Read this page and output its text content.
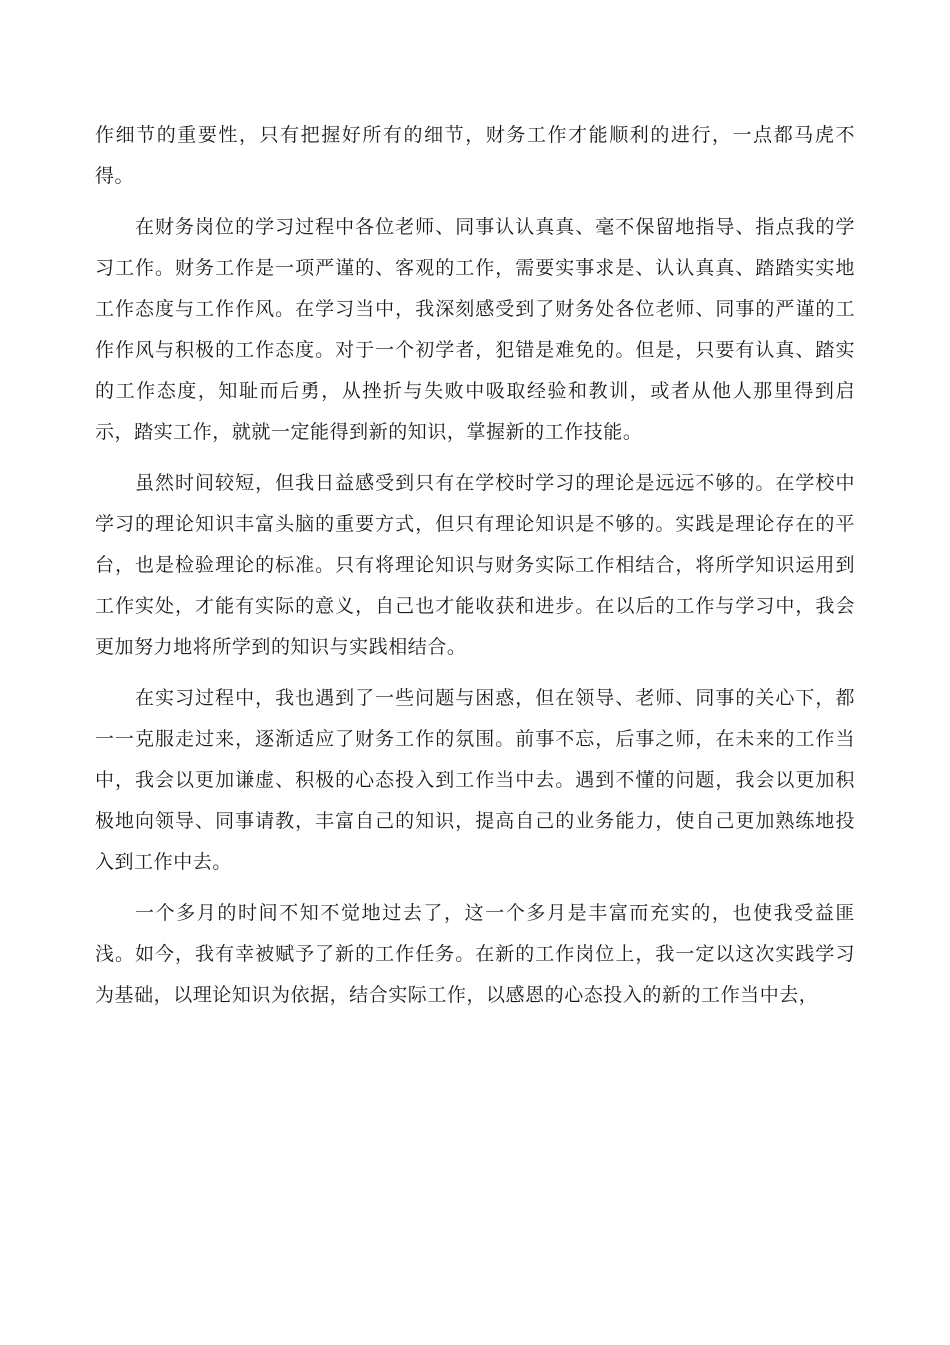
作细节的重要性，只有把握好所有的细节，财务工作才能顺利的进行，一点都马虎不得。

在财务岗位的学习过程中各位老师、同事认认真真、毫不保留地指导、指点我的学习工作。财务工作是一项严谨的、客观的工作，需要实事求是、认认真真、踏踏实实地工作态度与工作作风。在学习当中，我深刻感受到了财务处各位老师、同事的严谨的工作作风与积极的工作态度。对于一个初学者，犯错是难免的。但是，只要有认真、踏实的工作态度，知耻而后勇，从挫折与失败中吸取经验和教训，或者从他人那里得到启示，踏实工作，就就一定能得到新的知识，掌握新的工作技能。

虽然时间较短，但我日益感受到只有在学校时学习的理论是远远不够的。在学校中学习的理论知识丰富头脑的重要方式，但只有理论知识是不够的。实践是理论存在的平台，也是检验理论的标准。只有将理论知识与财务实际工作相结合，将所学知识运用到工作实处，才能有实际的意义，自己也才能收获和进步。在以后的工作与学习中，我会更加努力地将所学到的知识与实践相结合。

在实习过程中，我也遇到了一些问题与困惑，但在领导、老师、同事的关心下，都一一克服走过来，逐渐适应了财务工作的氛围。前事不忘，后事之师，在未来的工作当中，我会以更加谦虚、积极的心态投入到工作当中去。遇到不懂的问题，我会以更加积极地向领导、同事请教，丰富自己的知识，提高自己的业务能力，使自己更加熟练地投入到工作中去。

一个多月的时间不知不觉地过去了，这一个多月是丰富而充实的，也使我受益匪浅。如今，我有幸被赋予了新的工作任务。在新的工作岗位上，我一定以这次实践学习为基础，以理论知识为依据，结合实际工作，以感恩的心态投入的新的工作当中去，
